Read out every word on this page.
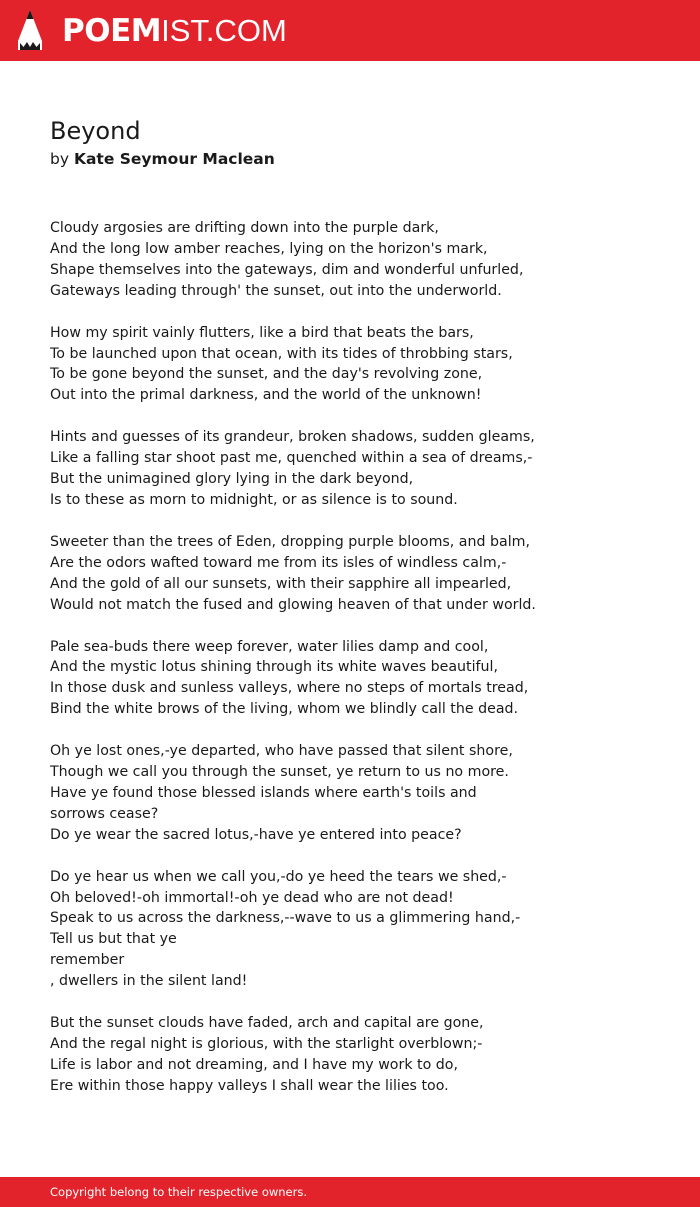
POEMIST.COM
Beyond
by Kate Seymour Maclean
Cloudy argosies are drifting down into the purple dark,
And the long low amber reaches, lying on the horizon's mark,
Shape themselves into the gateways, dim and wonderful unfurled,
Gateways leading through' the sunset, out into the underworld.
How my spirit vainly flutters, like a bird that beats the bars,
To be launched upon that ocean, with its tides of throbbing stars,
To be gone beyond the sunset, and the day's revolving zone,
Out into the primal darkness, and the world of the unknown!
Hints and guesses of its grandeur, broken shadows, sudden gleams,
Like a falling star shoot past me, quenched within a sea of dreams,-
But the unimagined glory lying in the dark beyond,
Is to these as morn to midnight, or as silence is to sound.
Sweeter than the trees of Eden, dropping purple blooms, and balm,
Are the odors wafted toward me from its isles of windless calm,-
And the gold of all our sunsets, with their sapphire all impearled,
Would not match the fused and glowing heaven of that under world.
Pale sea-buds there weep forever, water lilies damp and cool,
And the mystic lotus shining through its white waves beautiful,
In those dusk and sunless valleys, where no steps of mortals tread,
Bind the white brows of the living, whom we blindly call the dead.
Oh ye lost ones,-ye departed, who have passed that silent shore,
Though we call you through the sunset, ye return to us no more.
Have ye found those blessed islands where earth's toils and sorrows cease?
Do ye wear the sacred lotus,-have ye entered into peace?
Do ye hear us when we call you,-do ye heed the tears we shed,-
Oh beloved!-oh immortal!-oh ye dead who are not dead!
Speak to us across the darkness,--wave to us a glimmering hand,-
Tell us but that ye
remember
, dwellers in the silent land!
But the sunset clouds have faded, arch and capital are gone,
And the regal night is glorious, with the starlight overblown;-
Life is labor and not dreaming, and I have my work to do,
Ere within those happy valleys I shall wear the lilies too.
Copyright belong to their respective owners.
